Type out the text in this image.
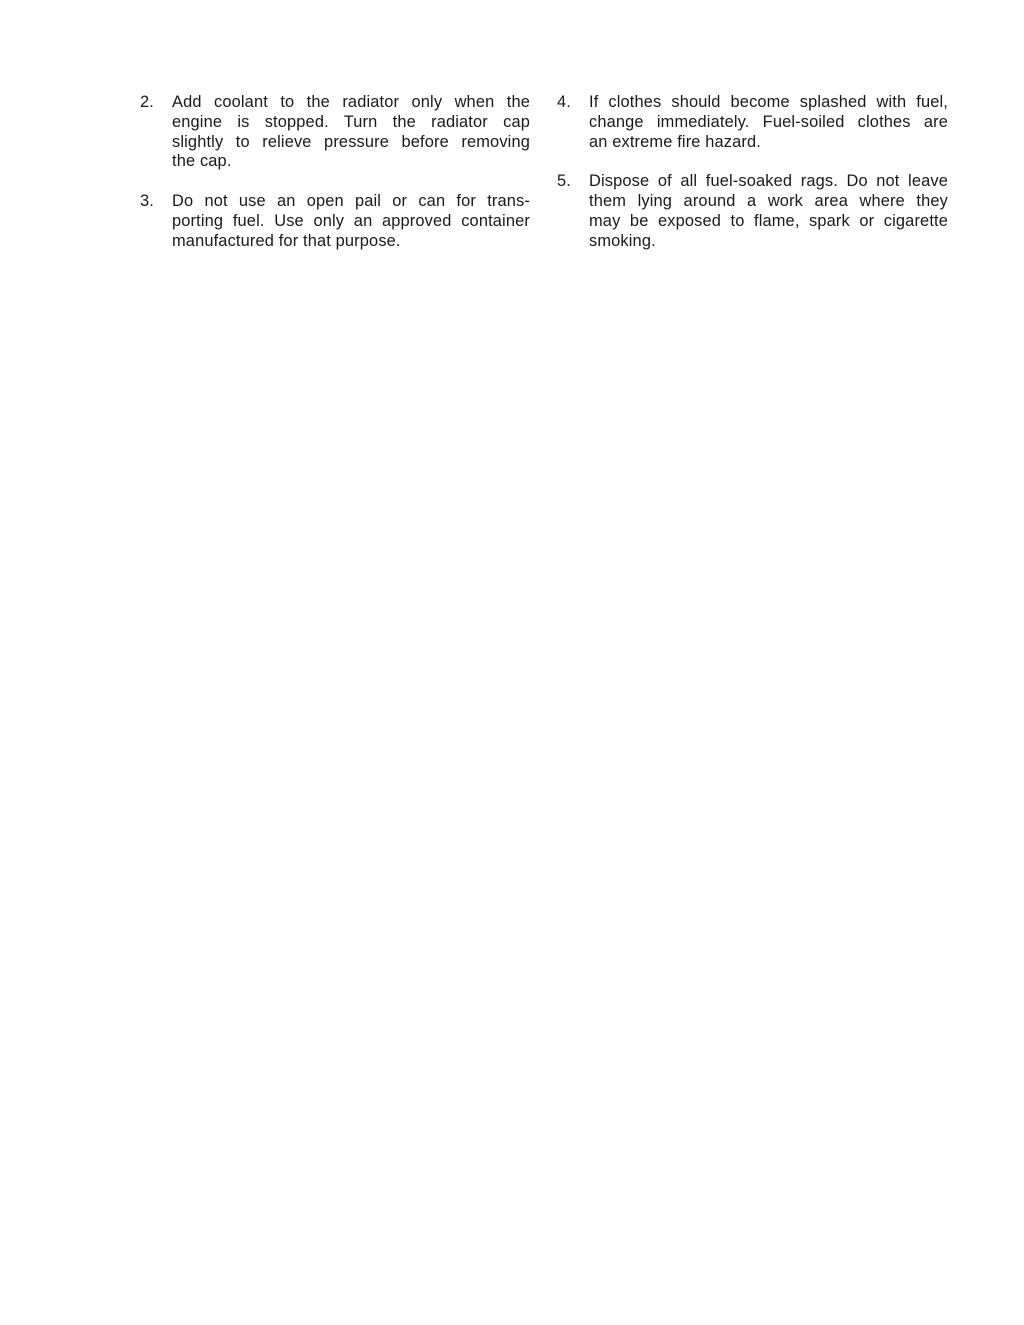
2.	Add coolant to the radiator only when the
engine is stopped. Turn the radiator cap
slightly to relieve pressure before removing
the cap.
3.	Do not use an open pail or can for trans-
porting fuel. Use only an approved container
manufactured for that purpose.
4.	If clothes should become splashed with fuel,
change immediately. Fuel-soiled clothes are
an extreme fire hazard.
5.	Dispose of all fuel-soaked rags. Do not leave
them lying around a work area where they
may be exposed to flame, spark or cigarette
smoking.
